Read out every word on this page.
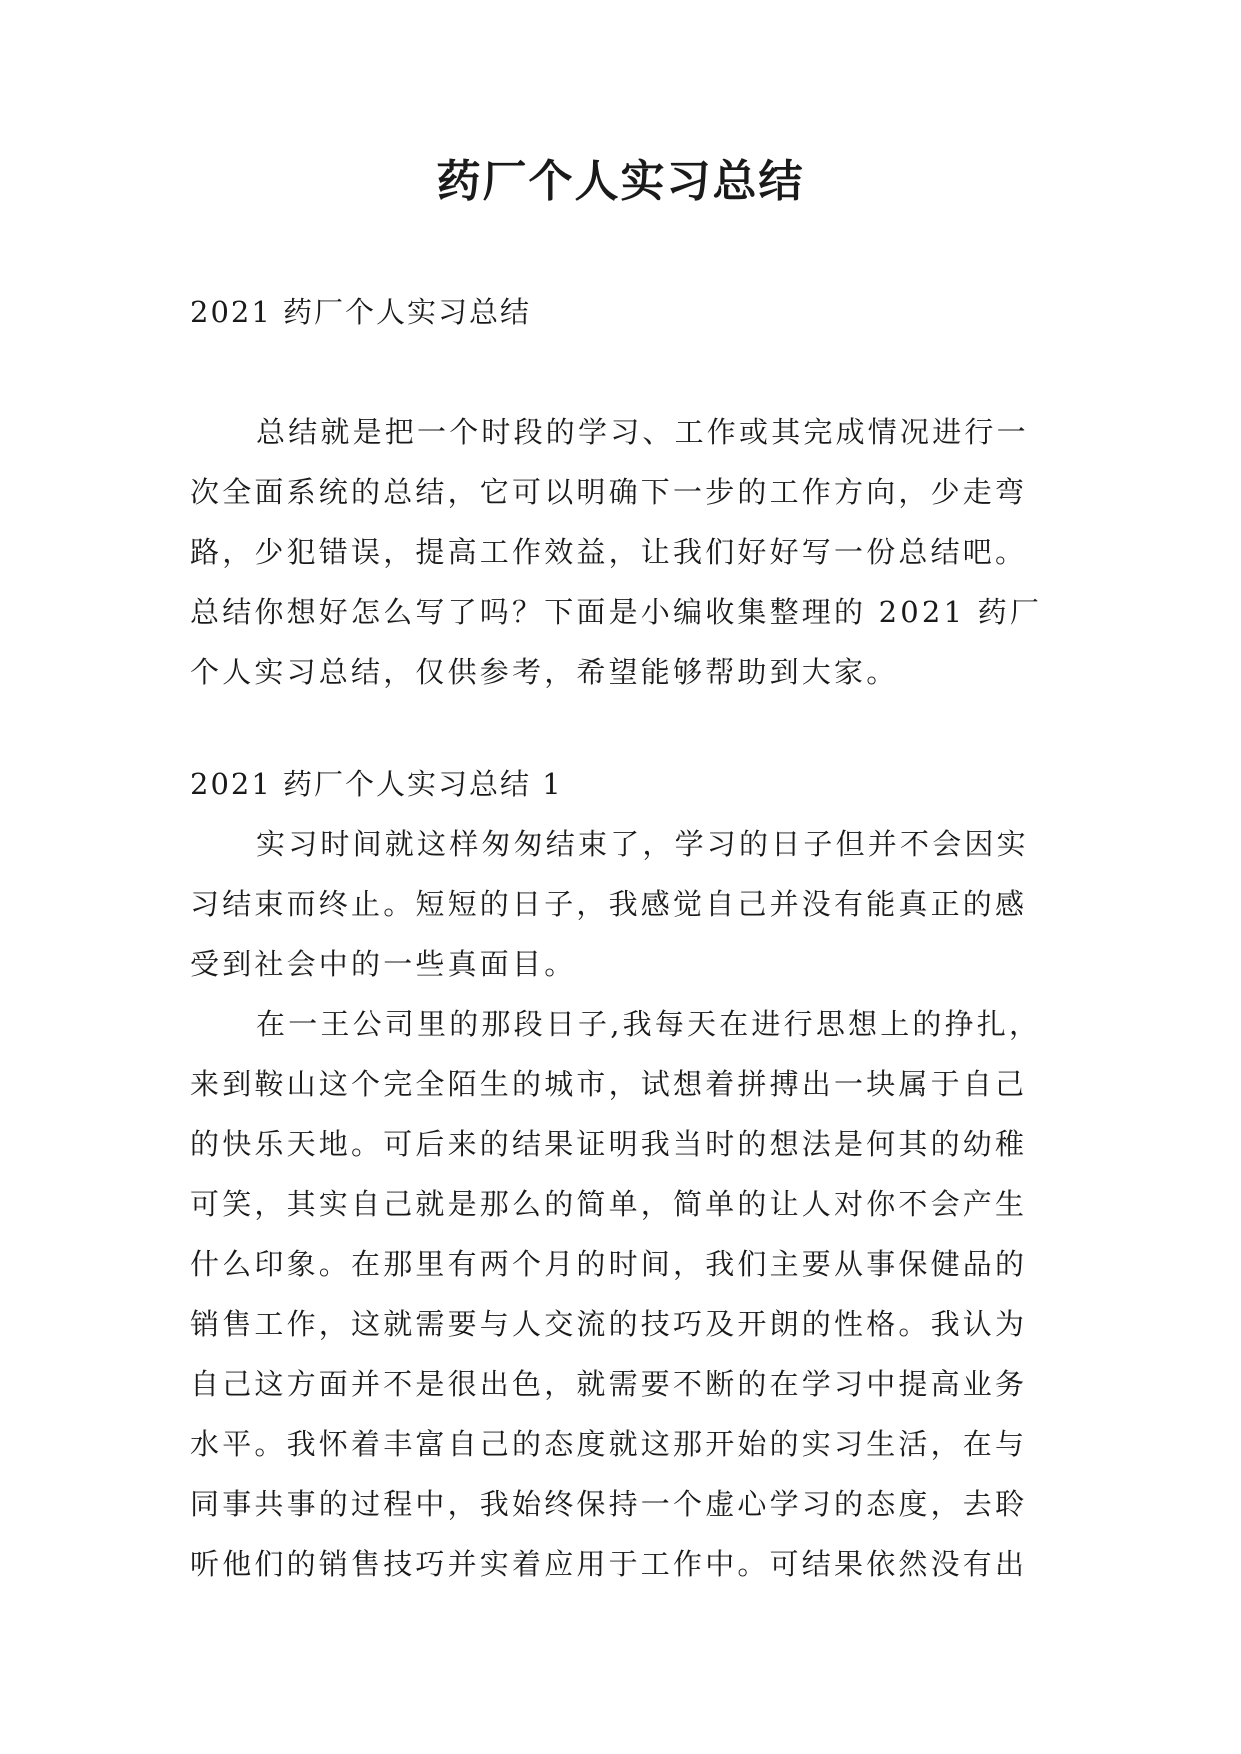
药厂个人实习总结

2021 药厂个人实习总结

总结就是把一个时段的学习、工作或其完成情况进行一

次全面系统的总结，它可以明确下一步的工作方向，少走弯

路，少犯错误，提高工作效益，让我们好好写一份总结吧。

总结你想好怎么写了吗？下面是小编收集整理的 2021 药厂

个人实习总结，仅供参考，希望能够帮助到大家。

2021 药厂个人实习总结 1

实习时间就这样匆匆结束了，学习的日子但并不会因实

习结束而终止。短短的日子，我感觉自己并没有能真正的感

受到社会中的一些真面目。

在一王公司里的那段日子,我每天在进行思想上的挣扎，

来到鞍山这个完全陌生的城市，试想着拼搏出一块属于自己

的快乐天地。可后来的结果证明我当时的想法是何其的幼稚

可笑，其实自己就是那么的简单，简单的让人对你不会产生

什么印象。在那里有两个月的时间，我们主要从事保健品的

销售工作，这就需要与人交流的技巧及开朗的性格。我认为

自己这方面并不是很出色，就需要不断的在学习中提高业务

水平。我怀着丰富自己的态度就这那开始的实习生活，在与

同事共事的过程中，我始终保持一个虚心学习的态度，去聆

听他们的销售技巧并实着应用于工作中。可结果依然没有出
